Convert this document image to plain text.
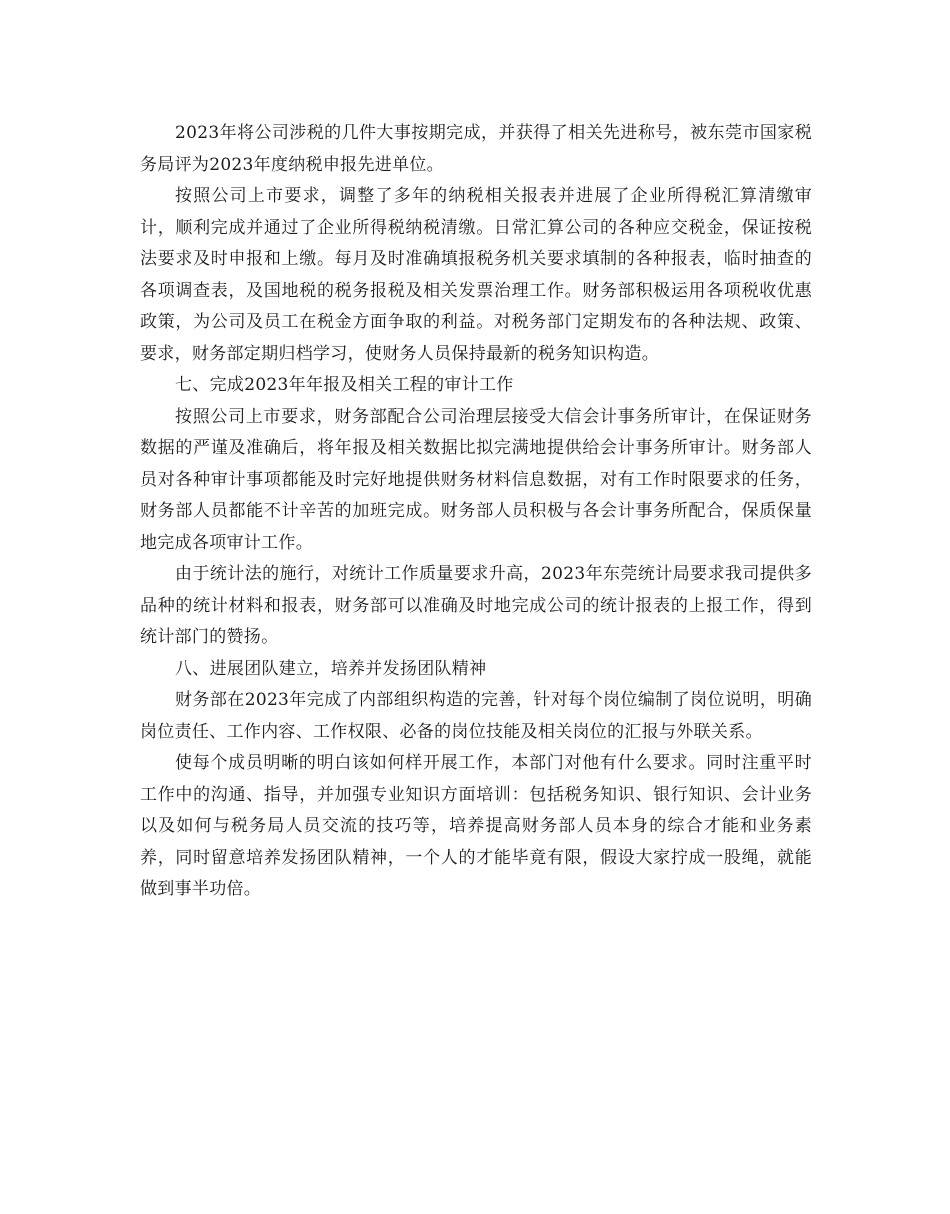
2023年将公司涉税的几件大事按期完成，并获得了相关先进称号，被东莞市国家税务局评为2023年度纳税申报先进单位。

按照公司上市要求，调整了多年的纳税相关报表并进展了企业所得税汇算清缴审计，顺利完成并通过了企业所得税纳税清缴。日常汇算公司的各种应交税金，保证按税法要求及时申报和上缴。每月及时准确填报税务机关要求填制的各种报表，临时抽查的各项调查表，及国地税的税务报税及相关发票治理工作。财务部积极运用各项税收优惠政策，为公司及员工在税金方面争取的利益。对税务部门定期发布的各种法规、政策、要求，财务部定期归档学习，使财务人员保持最新的税务知识构造。

七、完成2023年年报及相关工程的审计工作

按照公司上市要求，财务部配合公司治理层接受大信会计事务所审计，在保证财务数据的严谨及准确后，将年报及相关数据比拟完满地提供给会计事务所审计。财务部人员对各种审计事项都能及时完好地提供财务材料信息数据，对有工作时限要求的任务，财务部人员都能不计辛苦的加班完成。财务部人员积极与各会计事务所配合，保质保量地完成各项审计工作。

由于统计法的施行，对统计工作质量要求升高，2023年东莞统计局要求我司提供多品种的统计材料和报表，财务部可以准确及时地完成公司的统计报表的上报工作，得到统计部门的赞扬。

八、进展团队建立，培养并发扬团队精神

财务部在2023年完成了内部组织构造的完善，针对每个岗位编制了岗位说明，明确岗位责任、工作内容、工作权限、必备的岗位技能及相关岗位的汇报与外联关系。

使每个成员明晰的明白该如何样开展工作，本部门对他有什么要求。同时注重平时工作中的沟通、指导，并加强专业知识方面培训：包括税务知识、银行知识、会计业务以及如何与税务局人员交流的技巧等，培养提高财务部人员本身的综合才能和业务素养，同时留意培养发扬团队精神，一个人的才能毕竟有限，假设大家拧成一股绳，就能做到事半功倍。
